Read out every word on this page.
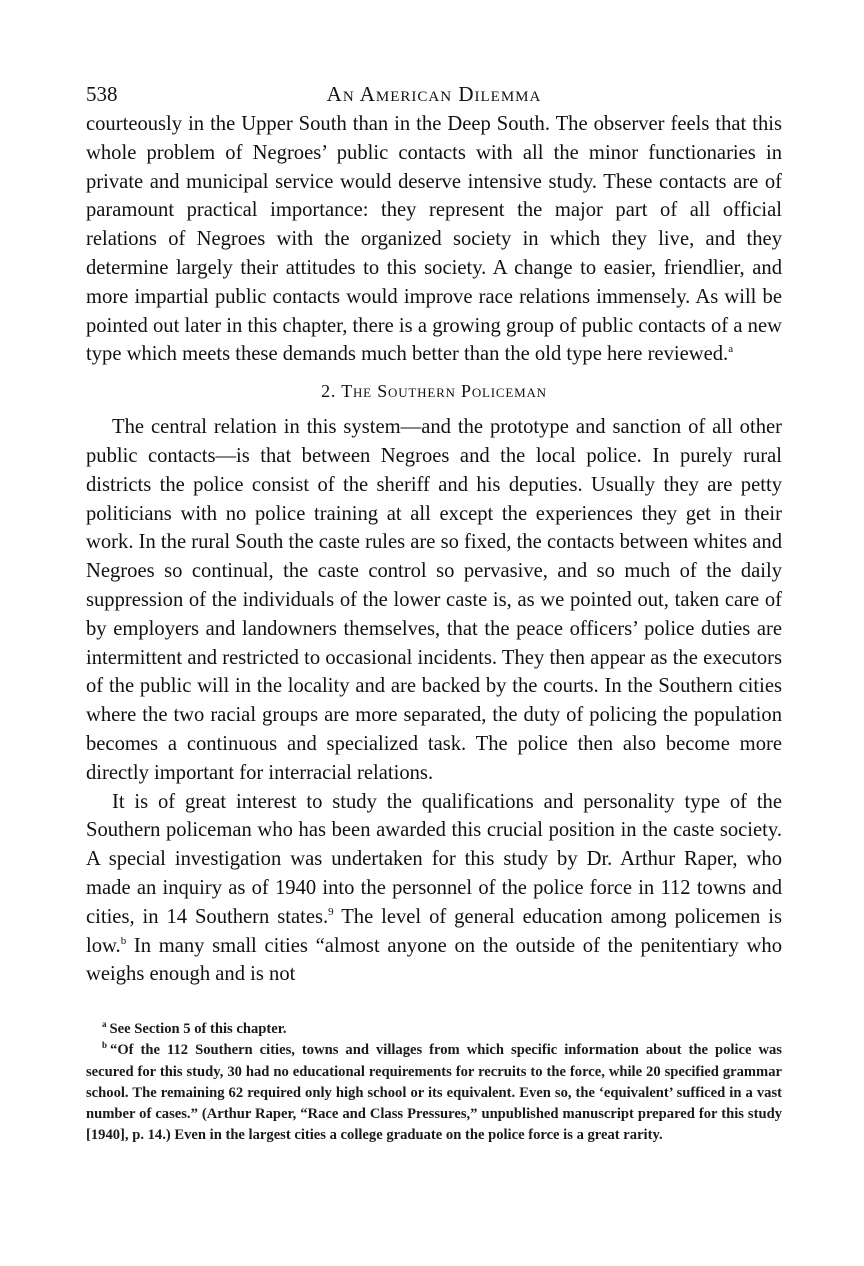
538	An American Dilemma

courteously in the Upper South than in the Deep South. The observer feels that this whole problem of Negroes’ public contacts with all the minor functionaries in private and municipal service would deserve intensive study. These contacts are of paramount practical importance: they represent the major part of all official relations of Negroes with the organized society in which they live, and they determine largely their attitudes to this society. A change to easier, friendlier, and more impartial public contacts would improve race relations immensely. As will be pointed out later in this chapter, there is a growing group of public contacts of a new type which meets these demands much better than the old type here reviewed.$^a$

2. The Southern Policeman

The central relation in this system—and the prototype and sanction of all other public contacts—is that between Negroes and the local police. In purely rural districts the police consist of the sheriff and his deputies. Usually they are petty politicians with no police training at all except the experiences they get in their work. In the rural South the caste rules are so fixed, the contacts between whites and Negroes so continual, the caste control so pervasive, and so much of the daily suppression of the individuals of the lower caste is, as we pointed out, taken care of by employers and landowners themselves, that the peace officers’ police duties are intermittent and restricted to occasional incidents. They then appear as the executors of the public will in the locality and are backed by the courts. In the Southern cities where the two racial groups are more separated, the duty of policing the population becomes a continuous and specialized task. The police then also become more directly important for interracial relations.

It is of great interest to study the qualifications and personality type of the Southern policeman who has been awarded this crucial position in the caste society. A special investigation was undertaken for this study by Dr. Arthur Raper, who made an inquiry as of 1940 into the personnel of the police force in 112 towns and cities, in 14 Southern states.$^9$ The level of general education among policemen is low.$^b$ In many small cities “almost anyone on the outside of the penitentiary who weighs enough and is not

$^a$ See Section 5 of this chapter.

$^b$ “Of the 112 Southern cities, towns and villages from which specific information about the police was secured for this study, 30 had no educational requirements for recruits to the force, while 20 specified grammar school. The remaining 62 required only high school or its equivalent. Even so, the ‘equivalent’ sufficed in a vast number of cases.” (Arthur Raper, “Race and Class Pressures,” unpublished manuscript prepared for this study [1940], p. 14.) Even in the largest cities a college graduate on the police force is a great rarity.
